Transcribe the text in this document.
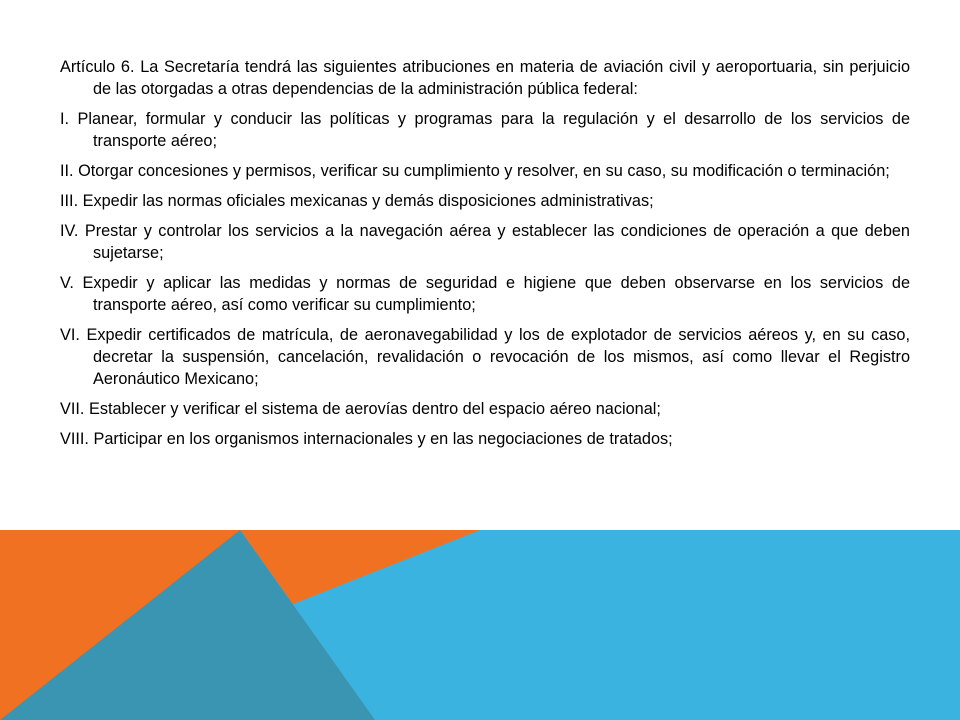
Artículo 6. La Secretaría tendrá las siguientes atribuciones en materia de aviación civil y aeroportuaria, sin perjuicio de las otorgadas a otras dependencias de la administración pública federal:

I. Planear, formular y conducir las políticas y programas para la regulación y el desarrollo de los servicios de transporte aéreo;

II. Otorgar concesiones y permisos, verificar su cumplimiento y resolver, en su caso, su modificación o terminación;

III. Expedir las normas oficiales mexicanas y demás disposiciones administrativas;

IV. Prestar y controlar los servicios a la navegación aérea y establecer las condiciones de operación a que deben sujetarse;

V. Expedir y aplicar las medidas y normas de seguridad e higiene que deben observarse en los servicios de transporte aéreo, así como verificar su cumplimiento;

VI. Expedir certificados de matrícula, de aeronavegabilidad y los de explotador de servicios aéreos y, en su caso, decretar la suspensión, cancelación, revalidación o revocación de los mismos, así como llevar el Registro Aeronáutico Mexicano;

VII. Establecer y verificar el sistema de aerovías dentro del espacio aéreo nacional;

VIII. Participar en los organismos internacionales y en las negociaciones de tratados;
